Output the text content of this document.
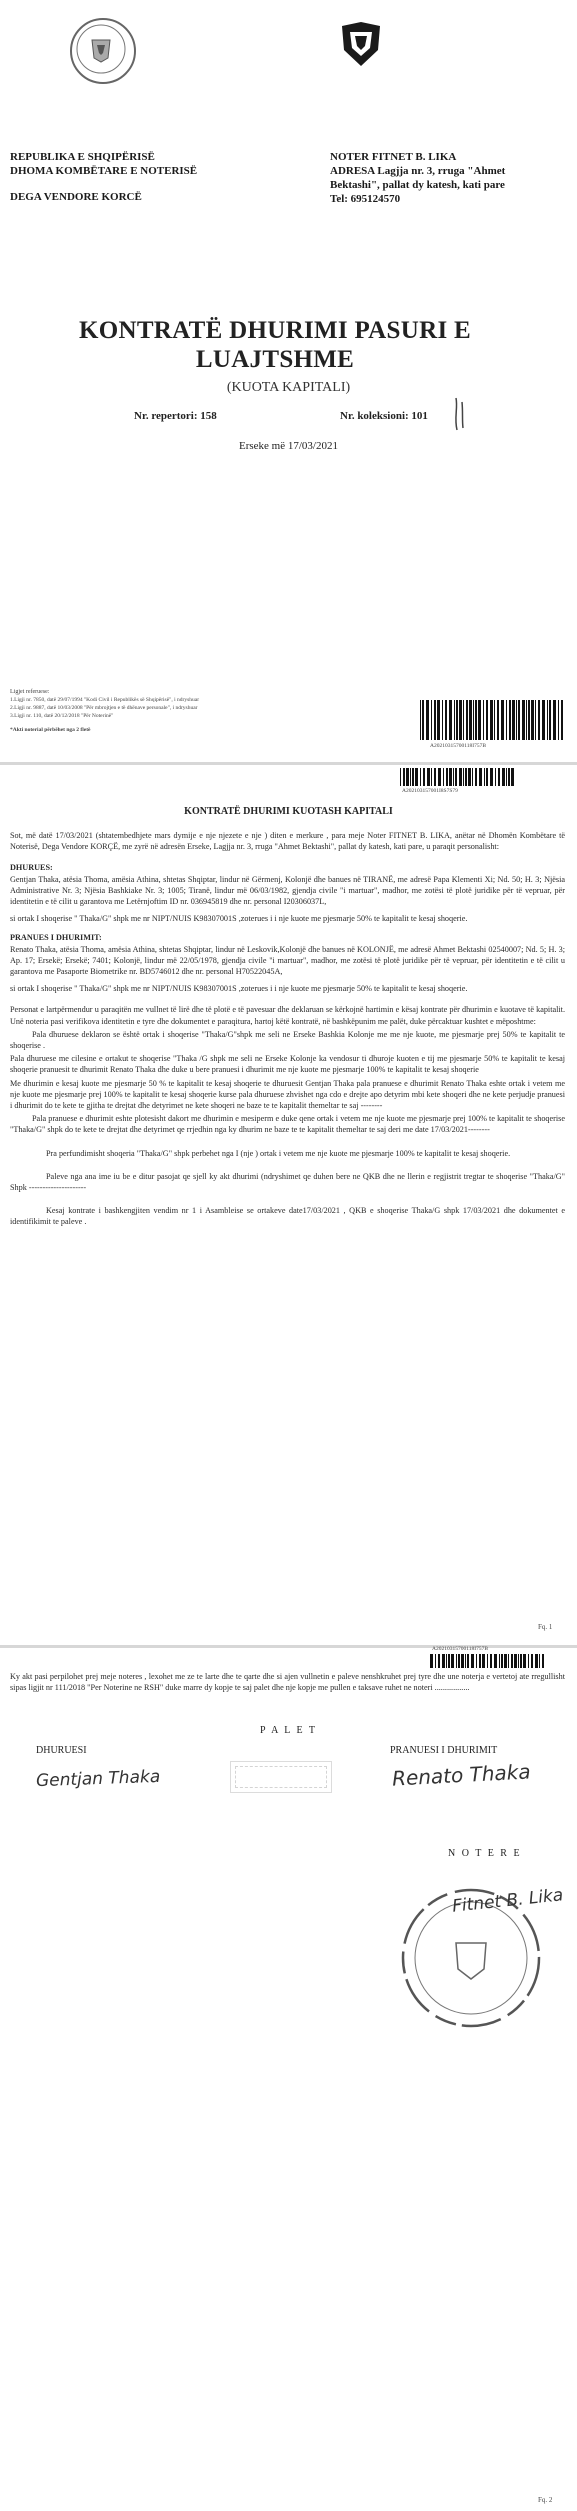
REPUBLIKA E SHQIPËRISË
DHOMA KOMBËTARE E NOTERISË
DEGA VENDORE KORCË
NOTER FITNET B. LIKA
ADRESA Lagjja nr. 3, rruga "Ahmet
Bektashi", pallat dy katesh, kati pare
Tel: 695124570
KONTRATË DHURIMI PASURI E
LUAJTSHME
(KUOTA KAPITALI)
Nr. repertori: 158	Nr. koleksioni: 101
Erseke më 17/03/2021
Ligjet referuese:
1.Ligji nr. 7850, datë 29/07/1994 "Kodi Civil i Republikës së Shqipërisë", i ndryshuar
2.Ligji nr. 9887, datë 10/03/2008 "Për mbrojtjen e të dhënave personale", i ndryshuar
3.Ligji nr. 110, datë 20/12/2018 "Për Noterinë"
*Akti noterial përbëhet nga 2 fletë
A20210315700118I757B
A202103157001I8S7S79
KONTRATË DHURIMI KUOTASH KAPITALI
Sot, më datë 17/03/2021 (shtatembedhjete mars dymije e nje njezete e nje ) diten e merkure , para meje Noter FITNET B. LIKA, anëtar në Dhomën Kombëtare të Noterisë, Dega Vendore KORÇË, me zyrë në adresën Erseke, Lagjja nr. 3, rruga "Ahmet Bektashi", pallat dy katesh, kati pare, u paraqit personalisht:
DHURUES:
Gentjan Thaka, atësia Thoma, amësia Athina, shtetas Shqiptar, lindur në Gërmenj, Kolonjë dhe banues në TIRANË, me adresë Papa Klementi Xi; Nd. 50; H. 3; Njësia Administrative Nr. 3; Njësia Bashkiake Nr. 3; 1005; Tiranë, lindur më 06/03/1982, gjendja civile "i martuar", madhor, me zotësi të plotë juridike për të vepruar, për identitetin e të cilit u garantova me Letërnjoftim ID nr. 036945819 dhe nr. personal I20306037L,
si ortak I shoqerise " Thaka/G" shpk me nr NIPT/NUIS K98307001S ,zoterues i i nje kuote me pjesmarje 50% te kapitalit te kesaj shoqerie.
PRANUES I DHURIMIT:
Renato Thaka, atësia Thoma, amësia Athina, shtetas Shqiptar, lindur në Leskovik,Kolonjë dhe banues në KOLONJË, me adresë Ahmet Bektashi 02540007; Nd. 5; H. 3; Ap. 17; Ersekë; Ersekë; 7401; Kolonjë, lindur më 22/05/1978, gjendja civile "i martuar", madhor, me zotësi të plotë juridike për të vepruar, për identitetin e të cilit u garantova me Pasaporte Biometrike nr. BD5746012 dhe nr. personal H70522045A,
si ortak I shoqerise " Thaka/G" shpk me nr NIPT/NUIS K98307001S ,zoterues i i nje kuote me pjesmarje 50% te kapitalit te kesaj shoqerie.
Personat e lartpërmendur u paraqitën me vullnet të lirë dhe të plotë e të pavesuar dhe deklaruan se kërkojnë hartimin e kësaj kontrate për dhurimin e kuotave të kapitalit. Unë noteria pasi verifikova identitetin e tyre dhe dokumentet e paraqitura, hartoj këtë kontratë, në bashkëpunim me palët, duke përcaktuar kushtet e mëposhtme:
Pala dhuruese deklaron se është ortak i shoqerise "Thaka/G"shpk me seli ne Erseke Bashkia Kolonje me me nje kuote, me pjesmarje prej 50% te kapitalit te shoqerise .
Pala dhuruese me cilesine e ortakut te shoqerise "Thaka /G shpk me seli ne Erseke Kolonje ka vendosur ti dhuroje kuoten e tij me pjesmarje 50% te kapitalit te kesaj shoqerie pranuesit te dhurimit Renato Thaka dhe duke u bere pranuesi i dhurimit me nje kuote me pjesmarje 100% te kapitalit te kesaj shoqerie
Me dhurimin e kesaj kuote me pjesmarje 50 % te kapitalit te kesaj shoqerie te dhuruesit Gentjan Thaka pala pranuese e dhurimit Renato Thaka eshte ortak i vetem me nje kuote me pjesmarje prej 100% te kapitalit te kesaj shoqerie kurse pala dhuruese zhvishet nga cdo e drejte apo detyrim mbi kete shoqeri dhe ne kete perjudje pranuesi i dhurimit do te kete te gjitha te drejtat dhe detyrimet ne kete shoqeri ne baze te te kapitalit themeltar te saj --------
Pala pranuese e dhurimit eshte plotesisht dakort me dhurimin e mesiperm e duke qene ortak i vetem me nje kuote me pjesmarje prej 100% te kapitalit te shoqerise "Thaka/G" shpk do te kete te drejtat dhe detyrimet qe rrjedhin nga ky dhurim ne baze te te kapitalit themeltar te saj deri me date 17/03/2021--------
Pra perfundimisht shoqeria "Thaka/G" shpk perbehet nga I (nje ) ortak i vetem me nje kuote me pjesmarje 100% te kapitalit te kesaj shoqerie.
Paleve nga ana ime iu be e ditur pasojat qe sjell ky akt dhurimi (ndryshimet qe duhen bere ne QKB dhe ne llerin e regjistrit tregtar te shoqerise "Thaka/G" Shpk ---------------------
Kesaj kontrate i bashkengjiten vendim nr 1 i Asambleise se ortakeve date17/03/2021 , QKB e shoqerise Thaka/G shpk 17/03/2021 dhe dokumentet e identifikimit te paleve .
Fq. 1
A20210315700118I757B
Ky akt pasi perpilohet prej meje noteres , lexohet me ze te larte dhe te qarte dhe si ajen vullnetin e paleve nenshkruhet prej tyre dhe une noterja e vertetoj ate rregullisht sipas ligjit nr 111/2018 "Per Noterine ne RSH" duke marre dy kopje te saj palet dhe nje kopje me pullen e taksave ruhet ne noteri .................
P A L E T
DHURUESI	PRANUESI I DHURIMIT
Gentjan Thaka	Renato Thaka
N O T E R E
Fitnet B. Lika
Fq. 2
